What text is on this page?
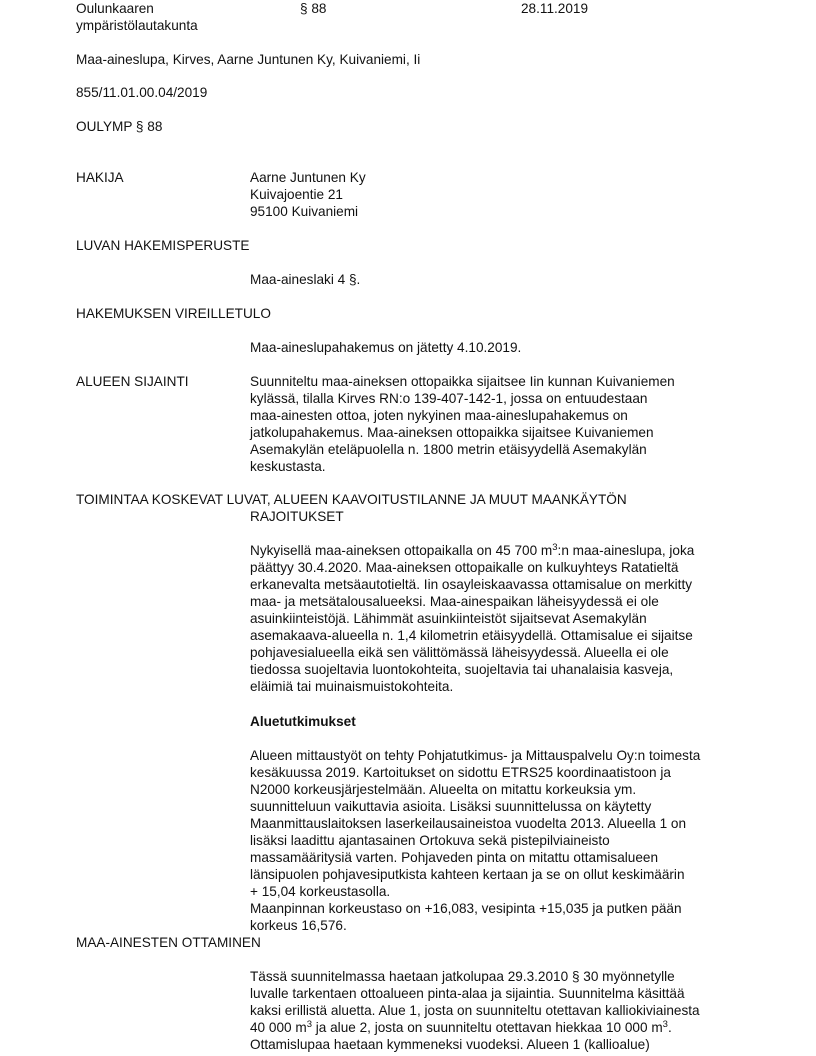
Oulunkaaren
ympäristölautakunta
§ 88	28.11.2019
Maa-aineslupa, Kirves, Aarne Juntunen Ky, Kuivaniemi, Ii
855/11.01.00.04/2019
OULYMP § 88
HAKIJA	Aarne Juntunen Ky
Kuivajoentie 21
95100 Kuivaniemi
LUVAN HAKEMISPERUSTE
Maa-aineslaki 4 §.
HAKEMUKSEN VIREILLETULO
Maa-aineslupahakemus on jätetty 4.10.2019.
ALUEEN SIJAINTI	Suunniteltu maa-aineksen ottopaikka sijaitsee Iin kunnan Kuivaniemen
kylässä, tilalla Kirves RN:o 139-407-142-1, jossa on entuudestaan
maa-ainesten ottoa, joten nykyinen maa-aineslupahakemus on
jatkolupahakemus. Maa-aineksen ottopaikka sijaitsee Kuivaniemen
Asemakylän eteläpuolella n. 1800 metrin etäisyydellä Asemakylän
keskustasta.
TOIMINTAA KOSKEVAT LUVAT, ALUEEN KAAVOITUSTILANNE JA MUUT MAANKÄYTÖN
RAJOITUKSET
Nykyisellä maa-aineksen ottopaikalla on 45 700 $m^3:n$ maa-aineslupa, joka
päättyy 30.4.2020. Maa-aineksen ottopaikalle on kulkuyhteys Ratatieltä
erkanevalta metsäautotieltä. Iin osayleiskaavassa ottamisalue on merkitty
maa- ja metsätalousalueeksi. Maa-ainespaikan läheisyydessä ei ole
asuinkiinteistöjä. Lähimmät asuinkiinteistöt sijaitsevat Asemakylän
asemakaava-alueella n. 1,4 kilometrin etäisyydellä. Ottamisalue ei sijaitse
pohjavesialueella eikä sen välittömässä läheisyydessä. Alueella ei ole
tiedossa suojeltavia luontokohteita, suojeltavia tai uhanalaisia kasveja,
eläimiä tai muinaismuistokohteita.
Aluetutkimukset
Alueen mittaustyöt on tehty Pohjatutkimus- ja Mittauspalvelu Oy:n toimesta
kesäkuussa 2019. Kartoitukset on sidottu ETRS25 koordinaatistoon ja
N2000 korkeusjärjestelmään. Alueelta on mitattu korkeuksia ym.
suunnitteluun vaikuttavia asioita. Lisäksi suunnittelussa on käytetty
Maanmittauslaitoksen laserkeilausaineistoa vuodelta 2013. Alueella 1 on
lisäksi laadittu ajantasainen Ortokuva sekä pistepilviaineisto
massamääritysiä varten. Pohjaveden pinta on mitattu ottamisalueen
länsipuolen pohjavesiputkista kahteen kertaan ja se on ollut keskimäärin
+ 15,04 korkeustasolla.
Maanpinnan korkeustaso on +16,083, vesipinta +15,035 ja putken pään
korkeus 16,576.
MAA-AINESTEN OTTAMINEN
Tässä suunnitelmassa haetaan jatkolupaa 29.3.2010 § 30 myönnetylle
luvalle tarkentaen ottoalueen pinta-alaa ja sijaintia. Suunnitelma käsittää
kaksi erillistä aluetta. Alue 1, josta on suunniteltu otettavan kalliokiviainesta
40 000 $m^3$ ja alue 2, josta on suunniteltu otettavan hiekkaa 10 000 $m^3$.
Ottamislupaa haetaan kymmeneksi vuodeksi. Alueen 1 (kallioalue)
